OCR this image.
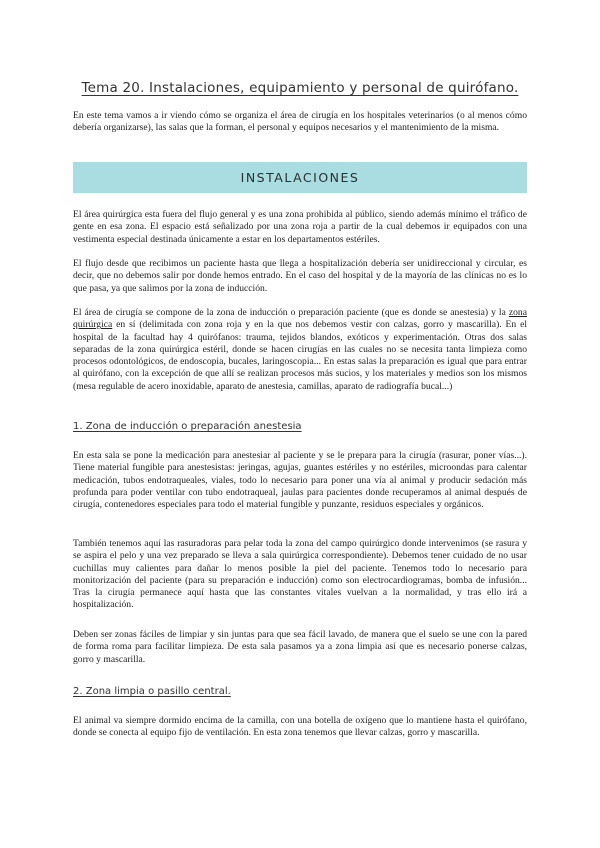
Tema 20. Instalaciones, equipamiento y personal de quirófano.

En este tema vamos a ir viendo cómo se organiza el área de cirugía en los hospitales veterinarios (o al menos cómo debería organizarse), las salas que la forman, el personal y equipos necesarios y el mantenimiento de la misma.

INSTALACIONES

El área quirúrgica esta fuera del flujo general y es una zona prohibida al público, siendo además mínimo el tráfico de gente en esa zona. El espacio está señalizado por una zona roja a partir de la cual debemos ir equipados con una vestimenta especial destinada únicamente a estar en los departamentos estériles.

El flujo desde que recibimos un paciente hasta que llega a hospitalización debería ser unidireccional y circular, es decir, que no debemos salir por donde hemos entrado. En el caso del hospital y de la mayoría de las clínicas no es lo que pasa, ya que salimos por la zona de inducción.

El área de cirugía se compone de la zona de inducción o preparación paciente (que es donde se anestesia) y la zona quirúrgica en sí (delimitada con zona roja y en la que nos debemos vestir con calzas, gorro y mascarilla). En el hospital de la facultad hay 4 quirófanos: trauma, tejidos blandos, exóticos y experimentación. Otras dos salas separadas de la zona quirúrgica estéril, donde se hacen cirugías en las cuales no se necesita tanta limpieza como procesos odontológicos, de endoscopia, bucales, laringoscopia... En estas salas la preparación es igual que para entrar al quirófano, con la excepción de que allí se realizan procesos más sucios, y los materiales y medios son los mismos (mesa regulable de acero inoxidable, aparato de anestesia, camillas, aparato de radiografía bucal...)

1. Zona de inducción o preparación anestesia

En esta sala se pone la medicación para anestesiar al paciente y se le prepara para la cirugía (rasurar, poner vías...). Tiene material fungible para anestesistas: jeringas, agujas, guantes estériles y no estériles, microondas para calentar medicación, tubos endotraqueales, viales, todo lo necesario para poner una vía al animal y producir sedación más profunda para poder ventilar con tubo endotraqueal, jaulas para pacientes donde recuperamos al animal después de cirugía, contenedores especiales para todo el material fungible y punzante, residuos especiales y orgánicos.

También tenemos aquí las rasuradoras para pelar toda la zona del campo quirúrgico donde intervenimos (se rasura y se aspira el pelo y una vez preparado se lleva a sala quirúrgica correspondiente). Debemos tener cuidado de no usar cuchillas muy calientes para dañar lo menos posible la piel del paciente. Tenemos todo lo necesario para monitorización del paciente (para su preparación e inducción) como son electrocardiogramas, bomba de infusión... Tras la cirugía permanece aquí hasta que las constantes vitales vuelvan a la normalidad, y tras ello irá a hospitalización.

Deben ser zonas fáciles de limpiar y sin juntas para que sea fácil lavado, de manera que el suelo se une con la pared de forma roma para facilitar limpieza. De esta sala pasamos ya a zona limpia así que es necesario ponerse calzas, gorro y mascarilla.

2. Zona limpia o pasillo central.

El animal va siempre dormido encima de la camilla, con una botella de oxígeno que lo mantiene hasta el quirófano, donde se conecta al equipo fijo de ventilación. En esta zona tenemos que llevar calzas, gorro y mascarilla.
